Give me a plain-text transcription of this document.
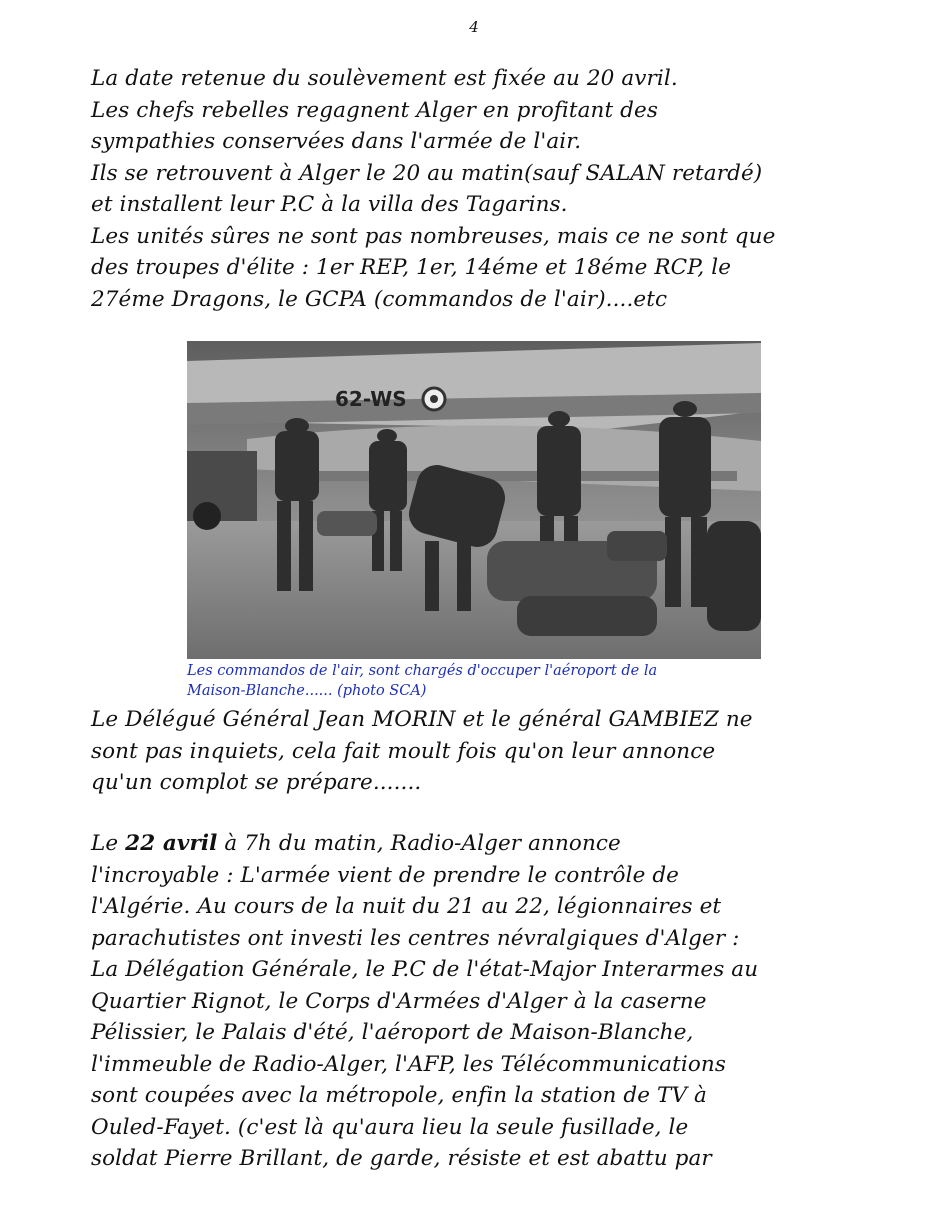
4

La date retenue du soulèvement est fixée au 20 avril.
Les chefs rebelles regagnent Alger en profitant des
sympathies conservées dans l'armée de l'air.
Ils se retrouvent à Alger le 20 au matin(sauf SALAN retardé)
et installent leur P.C à la villa des Tagarins.
Les unités sûres ne sont pas nombreuses, mais ce ne sont que
des troupes d'élite : 1er REP, 1er, 14éme et 18éme RCP, le
27éme Dragons, le GCPA (commandos de l'air)....etc

62-WS

Les commandos de l'air, sont chargés d'occuper l'aéroport de la
Maison-Blanche...... (photo SCA)

Le Délégué Général Jean MORIN et le général GAMBIEZ ne
sont pas inquiets, cela fait moult fois qu'on leur annonce
qu'un complot se prépare.......

Le 22 avril à 7h du matin, Radio-Alger annonce
l'incroyable : L'armée vient de prendre le contrôle de
l'Algérie. Au cours de la nuit du 21 au 22, légionnaires et
parachutistes ont investi les centres névralgiques d'Alger :
La Délégation Générale, le P.C de l'état-Major Interarmes au
Quartier Rignot, le Corps d'Armées d'Alger à la caserne
Pélissier, le Palais d'été, l'aéroport de Maison-Blanche,
l'immeuble de Radio-Alger, l'AFP, les Télécommunications
sont coupées avec la métropole, enfin la station de TV à
Ouled-Fayet. (c'est là qu'aura lieu la seule fusillade, le
soldat Pierre Brillant, de garde, résiste et est abattu par
